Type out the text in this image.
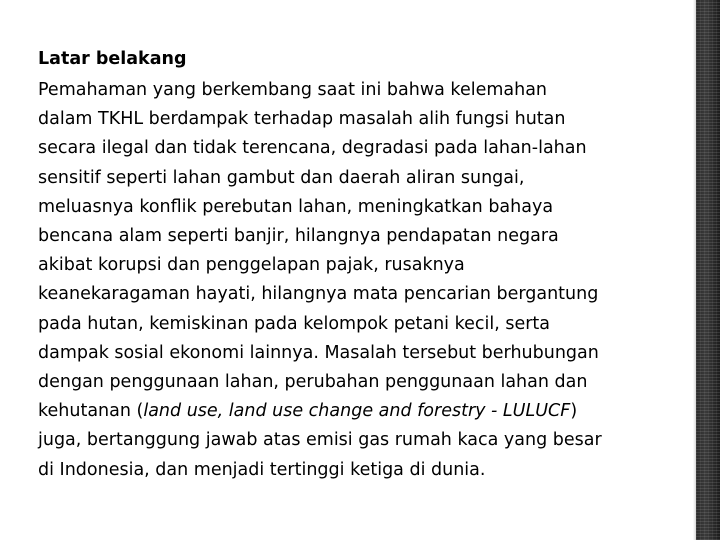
Latar belakang

Pemahaman yang berkembang saat ini bahwa kelemahan
dalam TKHL berdampak terhadap masalah alih fungsi hutan
secara ilegal dan tidak terencana, degradasi pada lahan-lahan
sensitif seperti lahan gambut dan daerah aliran sungai,
meluasnya konflik perebutan lahan, meningkatkan bahaya
bencana alam seperti banjir, hilangnya pendapatan negara
akibat korupsi dan penggelapan pajak, rusaknya
keanekaragaman hayati, hilangnya mata pencarian bergantung
pada hutan, kemiskinan pada kelompok petani kecil, serta
dampak sosial ekonomi lainnya. Masalah tersebut berhubungan
dengan penggunaan lahan, perubahan penggunaan lahan dan
kehutanan (land use, land use change and forestry - LULUCF)
juga, bertanggung jawab atas emisi gas rumah kaca yang besar
di Indonesia, dan menjadi tertinggi ketiga di dunia.
